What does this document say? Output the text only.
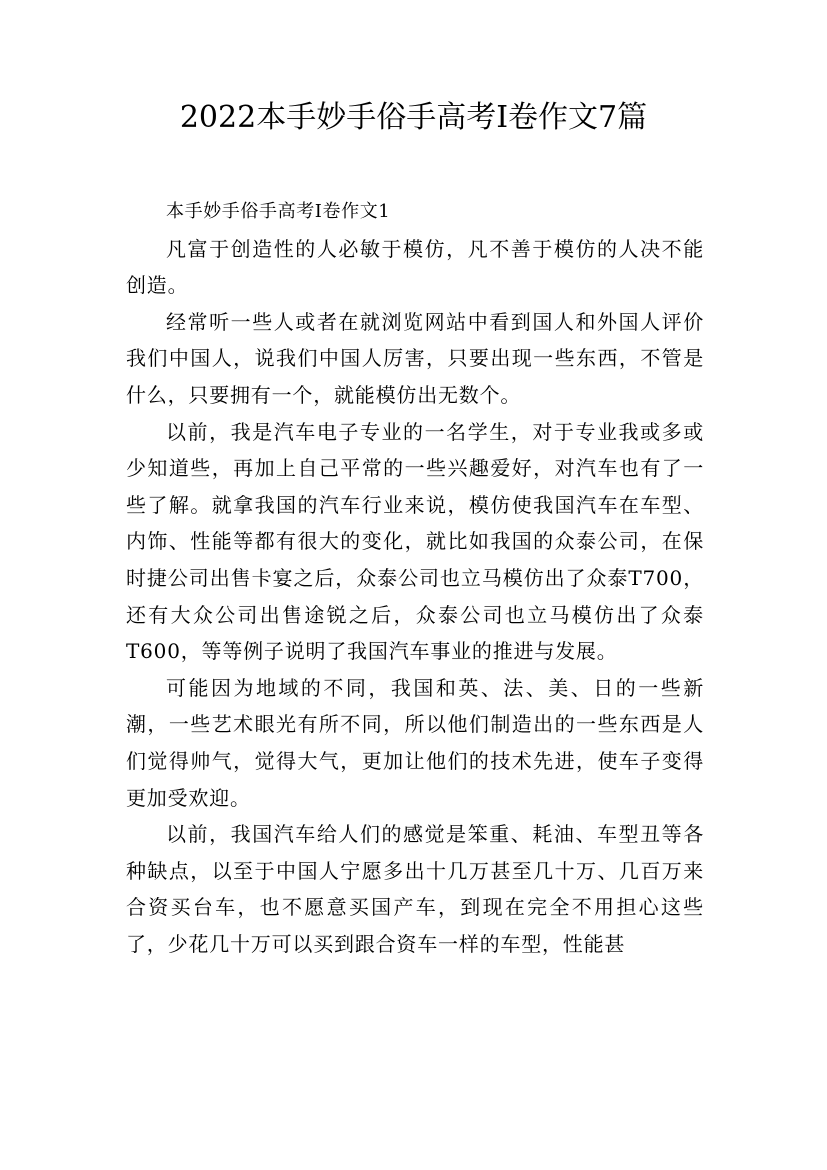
2022本手妙手俗手高考I卷作文7篇

本手妙手俗手高考I卷作文1

凡富于创造性的人必敏于模仿，凡不善于模仿的人决不能创造。

经常听一些人或者在就浏览网站中看到国人和外国人评价我们中国人，说我们中国人厉害，只要出现一些东西，不管是什么，只要拥有一个，就能模仿出无数个。

以前，我是汽车电子专业的一名学生，对于专业我或多或少知道些，再加上自己平常的一些兴趣爱好，对汽车也有了一些了解。就拿我国的汽车行业来说，模仿使我国汽车在车型、内饰、性能等都有很大的变化，就比如我国的众泰公司，在保时捷公司出售卡宴之后，众泰公司也立马模仿出了众泰T700，还有大众公司出售途锐之后，众泰公司也立马模仿出了众泰T600，等等例子说明了我国汽车事业的推进与发展。

可能因为地域的不同，我国和英、法、美、日的一些新潮，一些艺术眼光有所不同，所以他们制造出的一些东西是人们觉得帅气，觉得大气，更加让他们的技术先进，使车子变得更加受欢迎。

以前，我国汽车给人们的感觉是笨重、耗油、车型丑等各种缺点，以至于中国人宁愿多出十几万甚至几十万、几百万来合资买台车，也不愿意买国产车，到现在完全不用担心这些了，少花几十万可以买到跟合资车一样的车型，性能甚
